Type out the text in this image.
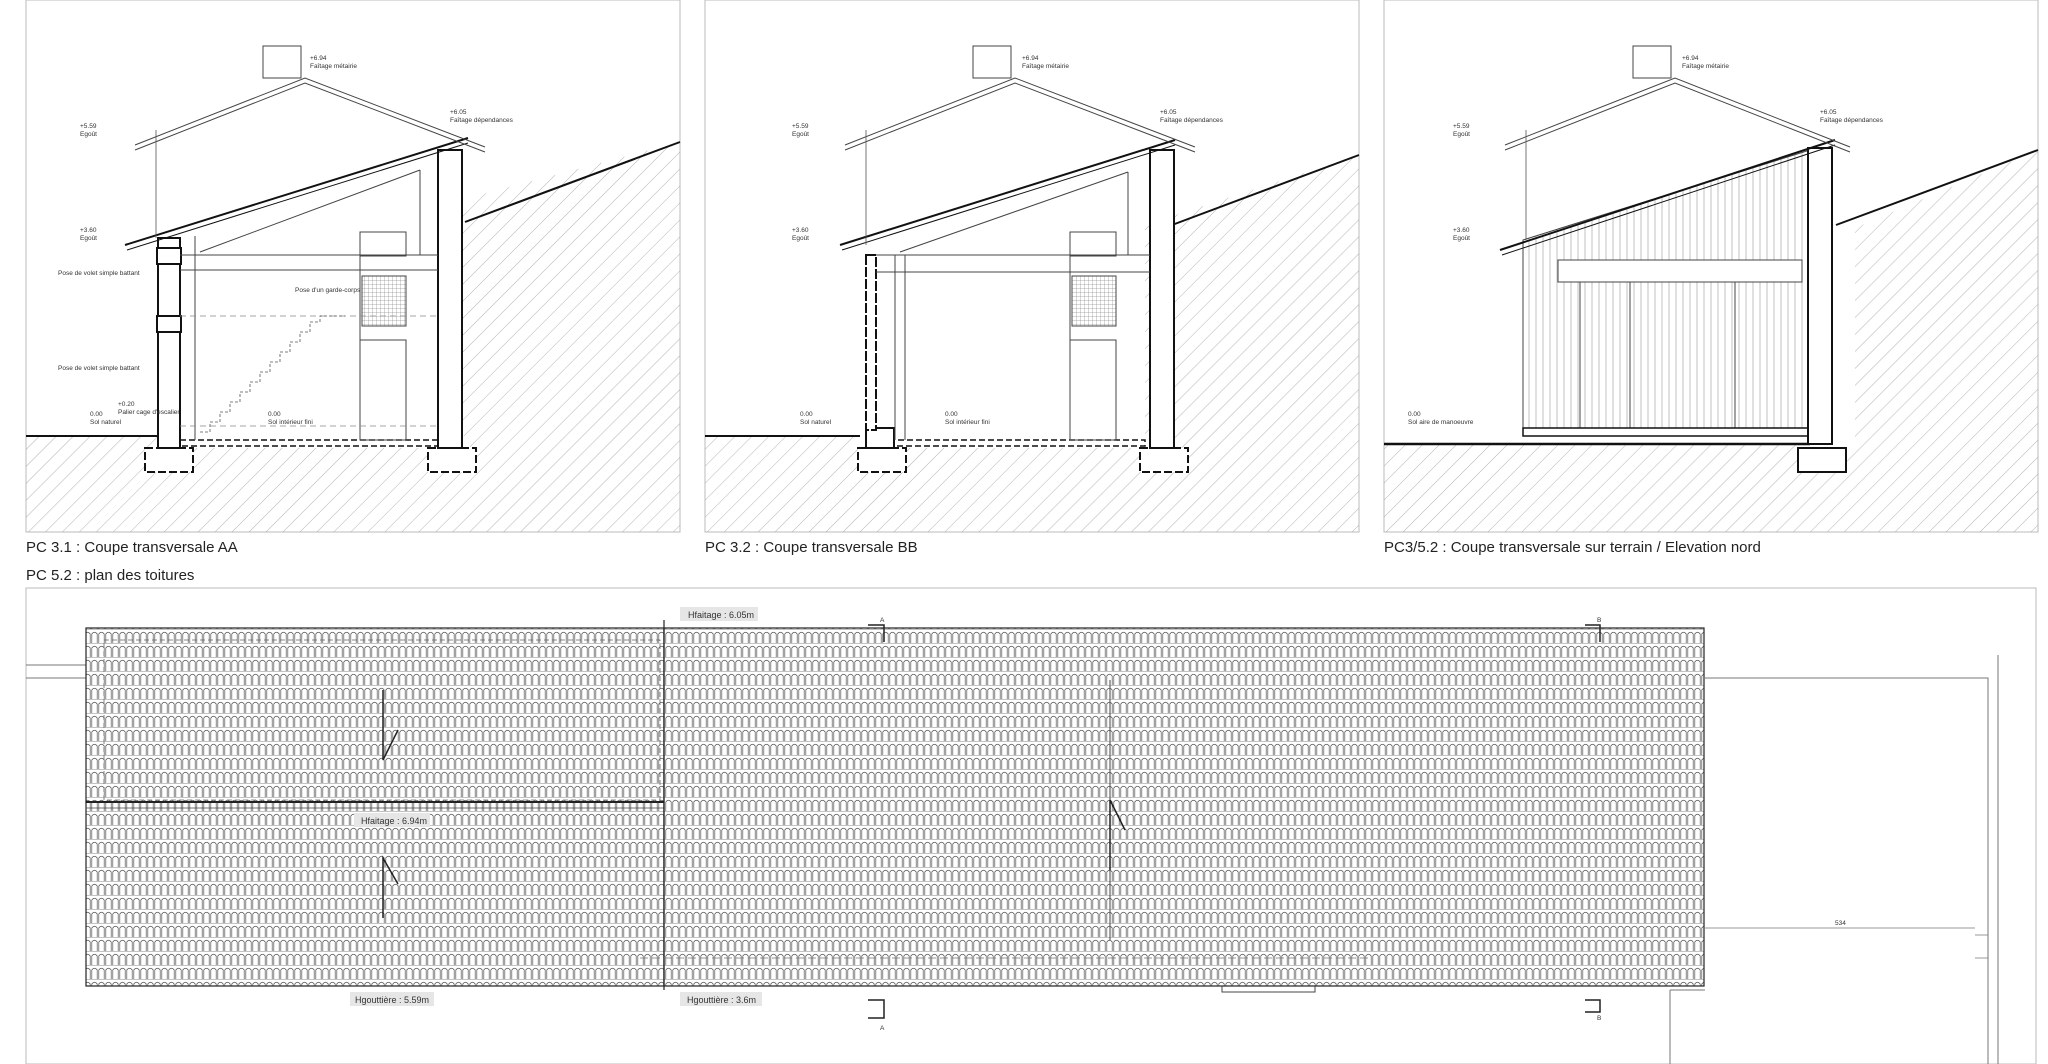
+6.94
Faîtage métairie
+6.05
Faîtage dépendances
+5.59
Egoût
+3.60
Egoût
Pose de volet simple battant
Pose de volet simple battant
Pose d'un garde-corps
+0.20
Palier cage d'escalier
0.00
Sol naturel
0.00
Sol intérieur fini
PC 3.1 : Coupe transversale AA
+6.94
Faîtage métairie
+6.05
Faîtage dépendances
+5.59
Egoût
+3.60
Egoût
0.00
Sol naturel
0.00
Sol intérieur fini
PC 3.2 : Coupe transversale BB
+6.94
Faîtage métairie
+6.05
Faîtage dépendances
+5.59
Egoût
+3.60
Egoût
0.00
Sol aire de manoeuvre
PC3/5.2 : Coupe transversale sur terrain / Elevation nord
PC 5.2 : plan des toitures
A
A
B
B
534
Hfaitage : 6.05m
Hfaitage : 6.94m
Hgouttière : 5.59m	Hgouttière : 3.6m
